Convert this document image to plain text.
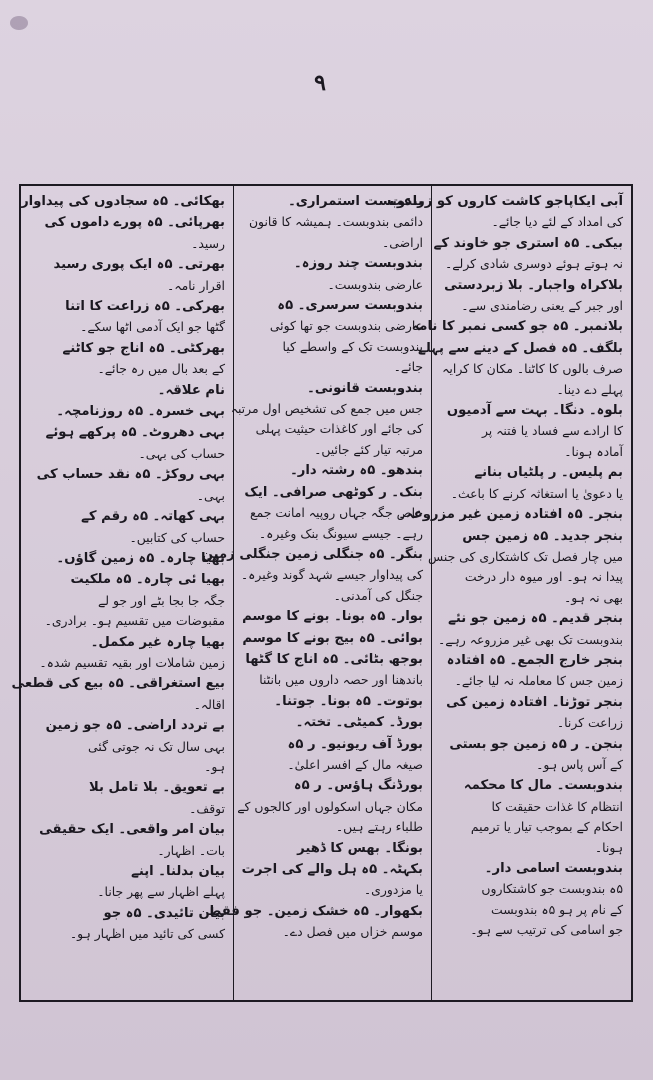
۹

آبی ایکاپاجو کاشت کاروں کو زراعت

کی امداد کے لئے دیا جائے۔

بیکی۔ ۵ہ استری جو خاوند کے

نہ ہوتے ہوئے دوسری شادی کرلے۔

بلاکراہ واجبار۔ بلا زبردستی

اور جبر کے یعنی رضامندی سے۔

بلانمبر۔ ۵ہ جو کسی نمبر کا نامہ

بلگف۔ ۵ہ فصل کے دینے سے پہلے

صرف بالوں کا کاٹنا۔ مکان کا کرایہ

پہلے دے دینا۔

بلوہ۔ دنگا۔ بہت سے آدمیوں

کا ارادے سے فساد یا فتنہ پر

آمادہ ہونا۔

بم پلیس۔ ر پلٹیاں بنانے

یا دعویٰ یا استغاثہ کرنے کا باعث۔

بنجر۔ ۵ہ افتادہ زمین غیر مزروعہ۔

بنجر جدید۔ ۵ہ زمین جس

میں چار فصل تک کاشتکاری کی جنس

پیدا نہ ہو۔ اور میوہ دار درخت

بھی نہ ہو۔

بنجر قدیم۔ ۵ہ زمین جو نئے

بندوبست تک بھی غیر مزروعہ رہے۔

بنجر خارج الجمع۔ ۵ہ افتادہ

زمین جس کا معاملہ نہ لیا جائے۔

بنجر توڑنا۔ افتادہ زمین کی

زراعت کرنا۔

بنجن۔ ر ۵ہ زمین جو بستی

کے آس پاس ہو۔

بندوبست۔ مال کا محکمہ

انتظام کا غذات حقیقت کا

احکام کے بموجب تیار یا ترمیم

ہونا۔

بندوبست اسامی دار۔

۵ہ بندوبست جو کاشتکاروں

کے نام پر ہو ۵ہ بندوبست

جو اسامی کی ترتیب سے ہو۔

بندوبست استمراری۔

دائمی بندوبست۔ ہمیشہ کا قانون

اراضی۔

بندوبست چند روزہ۔

عارضی بندوبست۔

بندوبست سرسری۔ ۵ہ

عارضی بندوبست جو تھا کوئی

بندوبست تک کے واسطے کیا

جائے۔

بندوبست قانونی۔

جس میں جمع کی تشخیص اول مرتبہ

کی جائے اور کاغذات حیثیت پہلی

مرتبہ تیار کئے جائیں۔

بندھو۔ ۵ہ رشتہ دار۔

بنک۔ ر کوٹھی صرافی۔ ایک

خاص جگہ جہاں روپیہ امانت جمع

رہے۔ جیسے سیونگ بنک وغیرہ۔

بنگر۔ ۵ہ جنگلی زمین جنگلی زمین

کی پیداوار جیسے شہد گوند وغیرہ۔

جنگل کی آمدنی۔

بوار۔ ۵ہ بونا۔ بونے کا موسم

بوائی۔ ۵ہ بیج بونے کا موسم

بوجھ بٹائی۔ ۵ہ اناج کا گٹھا

باندھنا اور حصہ داروں میں بانٹنا

بوتوت۔ ۵ہ بونا۔ جوتنا۔

بورڈ۔ کمیٹی۔ تختہ۔

بورڈ آف ریونیو۔ ر ۵ہ

صیغہ مال کے افسر اعلیٰ۔

بورڈنگ ہاؤس۔ ر ۵ہ

مکان جہاں اسکولوں اور کالجوں کے

طلباء رہتے ہیں۔

بونگا۔ بھس کا ڈھیر

بکہٹہ۔ ۵ہ ہل والے کی اجرت

یا مزدوری۔

بکھوار۔ ۵ہ خشک زمین۔ جو فقط

موسم خزاں میں فصل دے۔

بھکائی۔ ۵ہ سجادوں کی پیداوار

بھرپائی۔ ۵ہ پورے داموں کی

رسید۔

بھرتی۔ ۵ہ ایک پوری رسید

اقرار نامہ۔

بھرکی۔ ۵ہ زراعت کا اتنا

گٹھا جو ایک آدمی اٹھا سکے۔

بھرکٹی۔ ۵ہ اناج جو کاٹنے

کے بعد بال میں رہ جائے۔

نام علاقہ۔

بہی خسرہ۔ ۵ہ روزنامچہ۔

بہی دھروٹ۔ ۵ہ پرکھے ہوئے

حساب کی بہی۔

بہی روکڑ۔ ۵ہ نقد حساب کی

بہی۔

بہی کھاتہ۔ ۵ہ رقم کے

حساب کی کتابیں۔

بھیا چارہ۔ ۵ہ زمین گاؤں۔

بھیا ئی چارہ۔ ۵ہ ملکیت

جگہ جا بجا بٹے اور جو لے

مقبوضات میں تقسیم ہو۔ برادری۔

بھیا چارہ غیر مکمل۔

زمین شاملات اور بقیہ تقسیم شدہ۔

بیع استغراقی۔ ۵ہ بیع کی قطعی

اقالہ۔

بے تردد اراضی۔ ۵ہ جو زمین

بہی سال تک نہ جوتی گئی

ہو۔

بے تعویق۔ بلا تامل بلا

توقف۔

بیان امر واقعی۔ ایک حقیقی

بات۔ اظہار۔

بیان بدلنا۔ اپنے

پہلے اظہار سے پھر جانا۔

بیان تائیدی۔ ۵ہ جو

کسی کی تائید میں اظہار ہو۔
